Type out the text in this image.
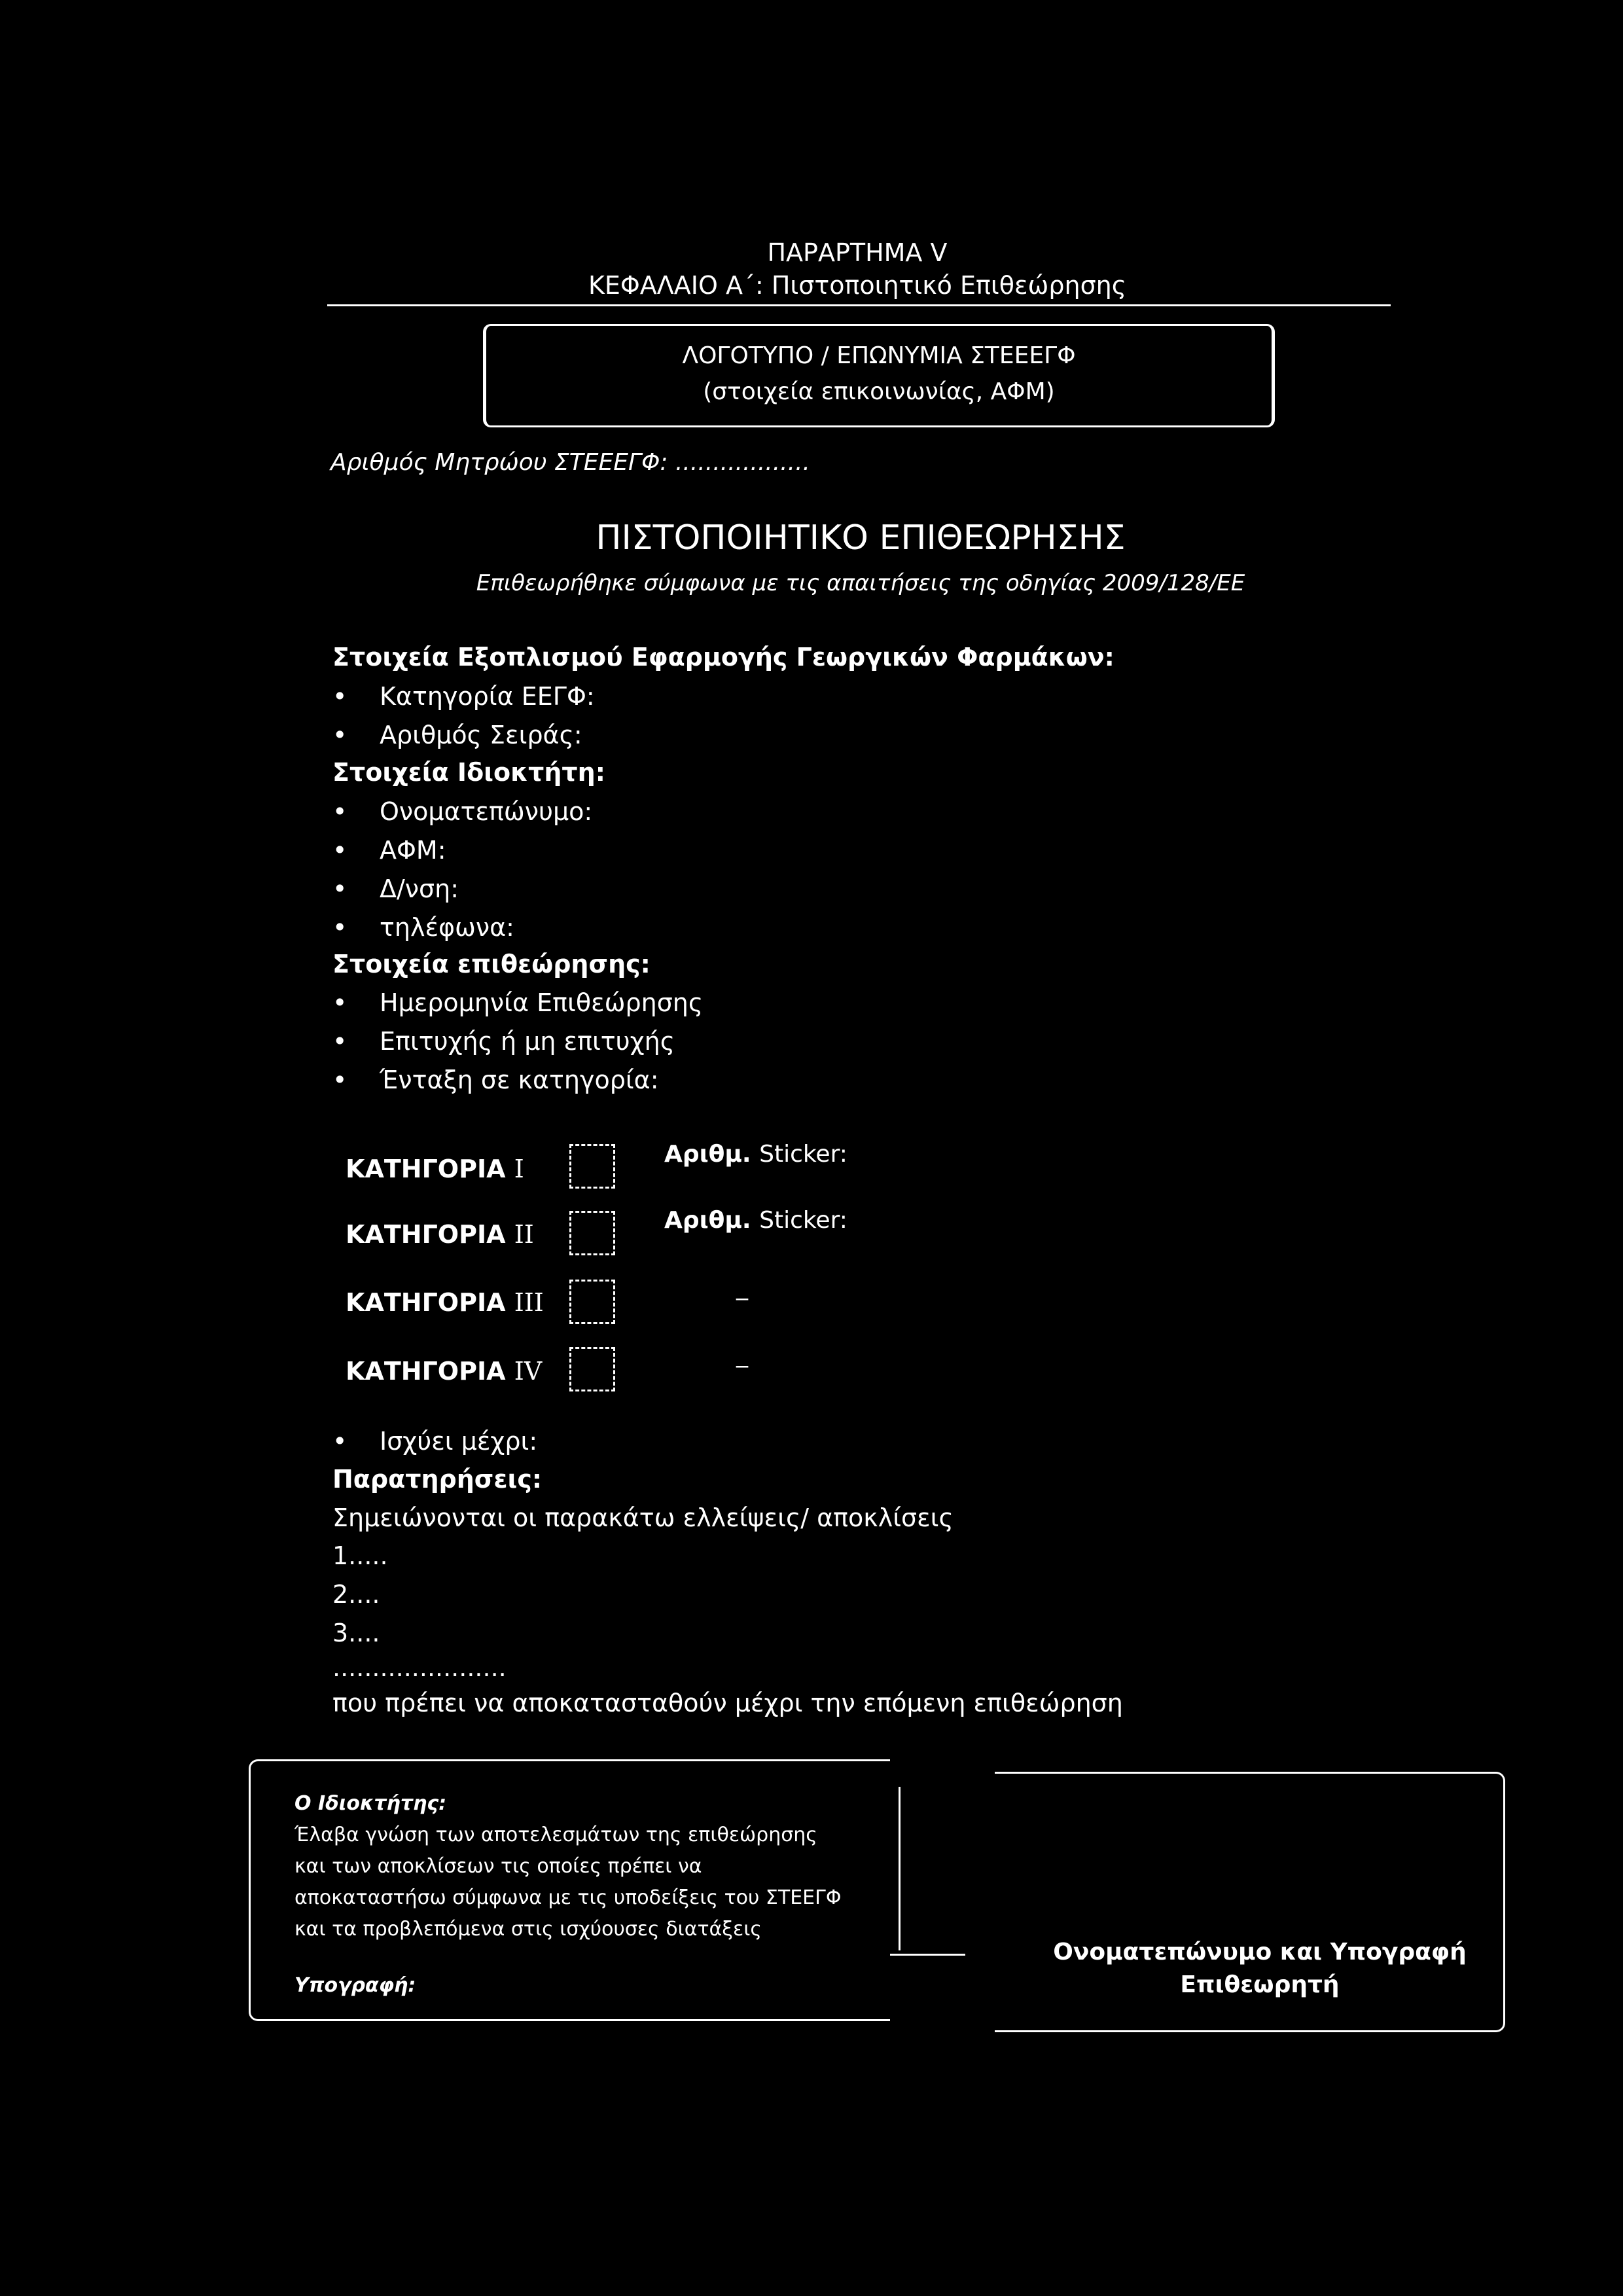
ΠΑΡΑΡΤΗΜΑ V
ΚΕΦΑΛΑΙΟ Α΄: Πιστοποιητικό Επιθεώρησης
ΛΟΓΟΤΥΠΟ / ΕΠΩΝΥΜΙΑ ΣΤΕΕΕΓΦ
(στοιχεία επικοινωνίας, ΑΦΜ)
Αριθμός Μητρώου ΣΤΕΕΕΓΦ: ..................
ΠΙΣΤΟΠΟΙΗΤΙΚΟ ΕΠΙΘΕΩΡΗΣΗΣ
Επιθεωρήθηκε σύμφωνα με τις απαιτήσεις της οδηγίας 2009/128/ΕΕ
Στοιχεία Εξοπλισμού Εφαρμογής Γεωργικών Φαρμάκων:
• Κατηγορία ΕΕΓΦ:
• Αριθμός Σειράς:
Στοιχεία Ιδιοκτήτη:
• Ονοματεπώνυμο:
• ΑΦΜ:
• Δ/νση:
• τηλέφωνα:
Στοιχεία επιθεώρησης:
• Ημερομηνία Επιθεώρησης
• Επιτυχής ή μη επιτυχής
• Ένταξη σε κατηγορία:
ΚΑΤΗΓΟΡΙΑ I
Αριθμ. Sticker:
ΚΑΤΗΓΟΡΙΑ II	Αριθμ. Sticker:
ΚΑΤΗΓΟΡΙΑ III
_
ΚΑΤΗΓΟΡΙΑ IV
_
• Ισχύει μέχρι:
Παρατηρήσεις:
Σημειώνονται οι παρακάτω ελλείψεις/ αποκλίσεις
1.....
2....
3....
......................
που πρέπει να αποκατασταθούν μέχρι την επόμενη επιθεώρηση
Ο Ιδιοκτήτης:
Έλαβα γνώση των αποτελεσμάτων της επιθεώρησης
και των αποκλίσεων τις οποίες πρέπει να
αποκαταστήσω σύμφωνα με τις υποδείξεις του ΣΤΕΕΓΦ
και τα προβλεπόμενα στις ισχύουσες διατάξεις
Υπογραφή:
Ονοματεπώνυμο και Υπογραφή
Επιθεωρητή
